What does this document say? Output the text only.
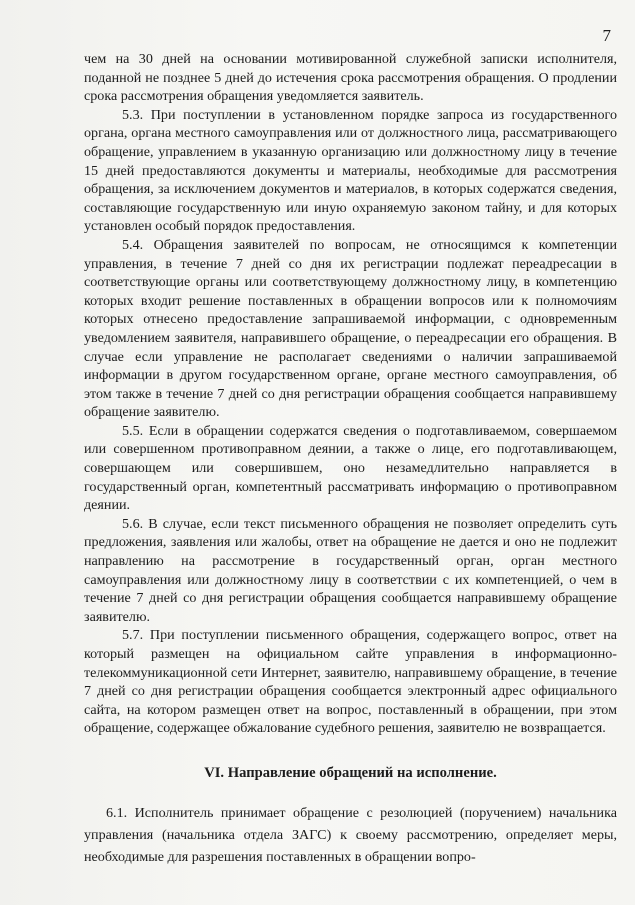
7

чем на 30 дней на основании мотивированной служебной записки исполнителя, поданной не позднее 5 дней до истечения срока рассмотрения обращения. О продлении срока рассмотрения обращения уведомляется заявитель.

5.3. При поступлении в установленном порядке запроса из государственного органа, органа местного самоуправления или от должностного лица, рассматривающего обращение, управлением в указанную организацию или должностному лицу в течение 15 дней предоставляются документы и материалы, необходимые для рассмотрения обращения, за исключением документов и материалов, в которых содержатся сведения, составляющие государственную или иную охраняемую законом тайну, и для которых установлен особый порядок предоставления.

5.4. Обращения заявителей по вопросам, не относящимся к компетенции управления, в течение 7 дней со дня их регистрации подлежат переадресации в соответствующие органы или соответствующему должностному лицу, в компетенцию которых входит решение поставленных в обращении вопросов или к полномочиям которых отнесено предоставление запрашиваемой информации, с одновременным уведомлением заявителя, направившего обращение, о переадресации его обращения. В случае если управление не располагает сведениями о наличии запрашиваемой информации в другом государственном органе, органе местного самоуправления, об этом также в течение 7 дней со дня регистрации обращения сообщается направившему обращение заявителю.

5.5. Если в обращении содержатся сведения о подготавливаемом, совершаемом или совершенном противоправном деянии, а также о лице, его подготавливающем, совершающем или совершившем, оно незамедлительно направляется в государственный орган, компетентный рассматривать информацию о противоправном деянии.

5.6. В случае, если текст письменного обращения не позволяет определить суть предложения, заявления или жалобы, ответ на обращение не дается и оно не подлежит направлению на рассмотрение в государственный орган, орган местного самоуправления или должностному лицу в соответствии с их компетенцией, о чем в течение 7 дней со дня регистрации обращения сообщается направившему обращение заявителю.

5.7. При поступлении письменного обращения, содержащего вопрос, ответ на который размещен на официальном сайте управления в информационно-телекоммуникационной сети Интернет, заявителю, направившему обращение, в течение 7 дней со дня регистрации обращения сообщается электронный адрес официального сайта, на котором размещен ответ на вопрос, поставленный в обращении, при этом обращение, содержащее обжалование судебного решения, заявителю не возвращается.

VI. Направление обращений на исполнение.

6.1. Исполнитель принимает обращение с резолюцией (поручением) начальника управления (начальника отдела ЗАГС) к своему рассмотрению, определяет меры, необходимые для разрешения поставленных в обращении вопро-
